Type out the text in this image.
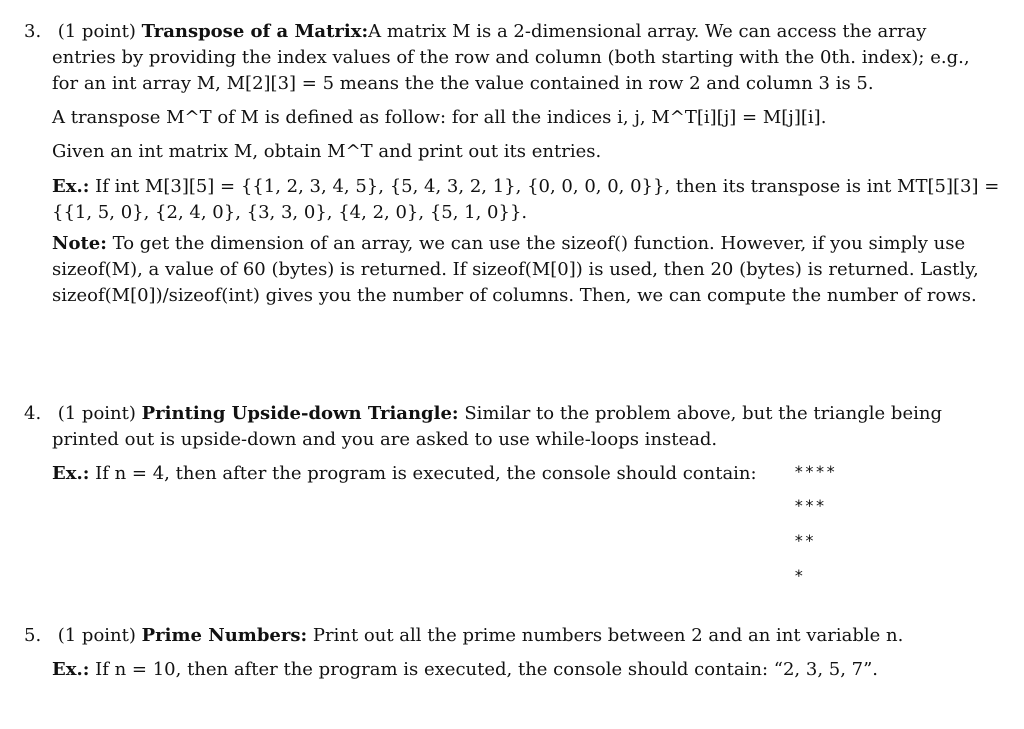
3. (1 point) Transpose of a Matrix:A matrix M is a 2-dimensional array. We can access the array
entries by providing the index values of the row and column (both starting with the 0th. index); e.g.,
for an int array M, M[2][3] = 5 means the the value contained in row 2 and column 3 is 5.
A transpose M^T of M is defined as follow: for all the indices i, j, M^T[i][j] = M[j][i].
Given an int matrix M, obtain M^T and print out its entries.
Ex.: If int M[3][5] = {{1, 2, 3, 4, 5}, {5, 4, 3, 2, 1}, {0, 0, 0, 0, 0}}, then its transpose is int MT[5][3] =
{{1, 5, 0}, {2, 4, 0}, {3, 3, 0}, {4, 2, 0}, {5, 1, 0}}.
Note: To get the dimension of an array, we can use the sizeof() function. However, if you simply use
sizeof(M), a value of 60 (bytes) is returned. If sizeof(M[0]) is used, then 20 (bytes) is returned. Lastly,
sizeof(M[0])/sizeof(int) gives you the number of columns. Then, we can compute the number of rows.
4. (1 point) Printing Upside-down Triangle: Similar to the problem above, but the triangle being
printed out is upside-down and you are asked to use while-loops instead.
Ex.: If n = 4, then after the program is executed, the console should contain: ****
***
**
*
5. (1 point) Prime Numbers: Print out all the prime numbers between 2 and an int variable n.
Ex.: If n = 10, then after the program is executed, the console should contain: “2, 3, 5, 7”.
